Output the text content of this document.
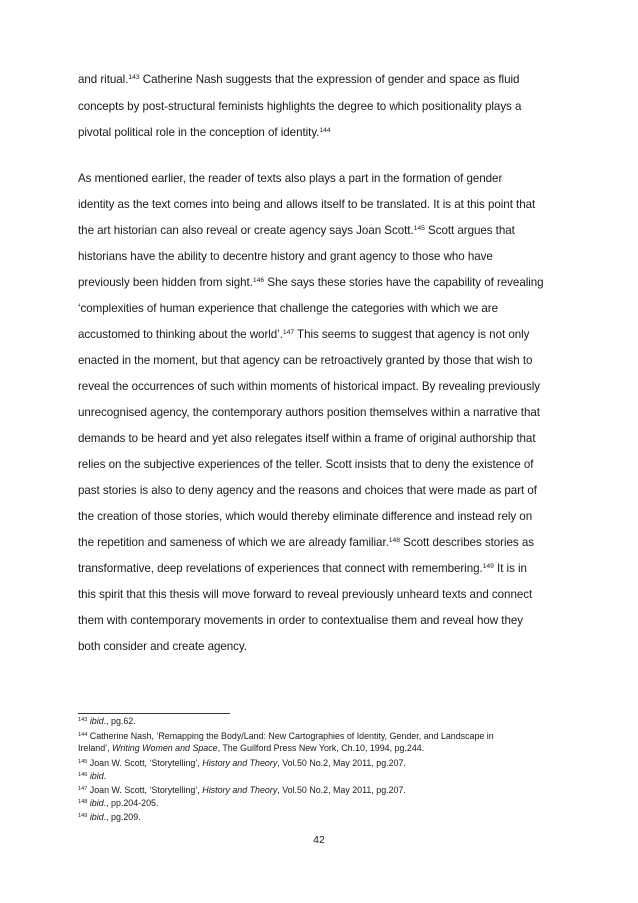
and ritual.$^{143}$ Catherine Nash suggests that the expression of gender and space as fluid
concepts by post-structural feminists highlights the degree to which positionality plays a
pivotal political role in the conception of identity.$^{144}$
As mentioned earlier, the reader of texts also plays a part in the formation of gender
identity as the text comes into being and allows itself to be translated. It is at this point that
the art historian can also reveal or create agency says Joan Scott.$^{145}$ Scott argues that
historians have the ability to decentre history and grant agency to those who have
previously been hidden from sight.$^{146}$ She says these stories have the capability of revealing
‘complexities of human experience that challenge the categories with which we are
accustomed to thinking about the world’.$^{147}$ This seems to suggest that agency is not only
enacted in the moment, but that agency can be retroactively granted by those that wish to
reveal the occurrences of such within moments of historical impact. By revealing previously
unrecognised agency, the contemporary authors position themselves within a narrative that
demands to be heard and yet also relegates itself within a frame of original authorship that
relies on the subjective experiences of the teller. Scott insists that to deny the existence of
past stories is also to deny agency and the reasons and choices that were made as part of
the creation of those stories, which would thereby eliminate difference and instead rely on
the repetition and sameness of which we are already familiar.$^{148}$ Scott describes stories as
transformative, deep revelations of experiences that connect with remembering.$^{149}$ It is in
this spirit that this thesis will move forward to reveal previously unheard texts and connect
them with contemporary movements in order to contextualise them and reveal how they
both consider and create agency.
$^{143}$ ibid., pg.62.
$^{144}$ Catherine Nash, ‘Remapping the Body/Land: New Cartographies of Identity, Gender, and Landscape in
Ireland’, Writing Women and Space, The Guilford Press New York, Ch.10, 1994, pg.244.
$^{145}$ Joan W. Scott, ‘Storytelling’, History and Theory, Vol.50 No.2, May 2011, pg.207.
$^{146}$ ibid.
$^{147}$ Joan W. Scott, ‘Storytelling’, History and Theory, Vol.50 No.2, May 2011, pg.207.
$^{148}$ ibid., pp.204-205.
$^{149}$ ibid., pg.209.
42
